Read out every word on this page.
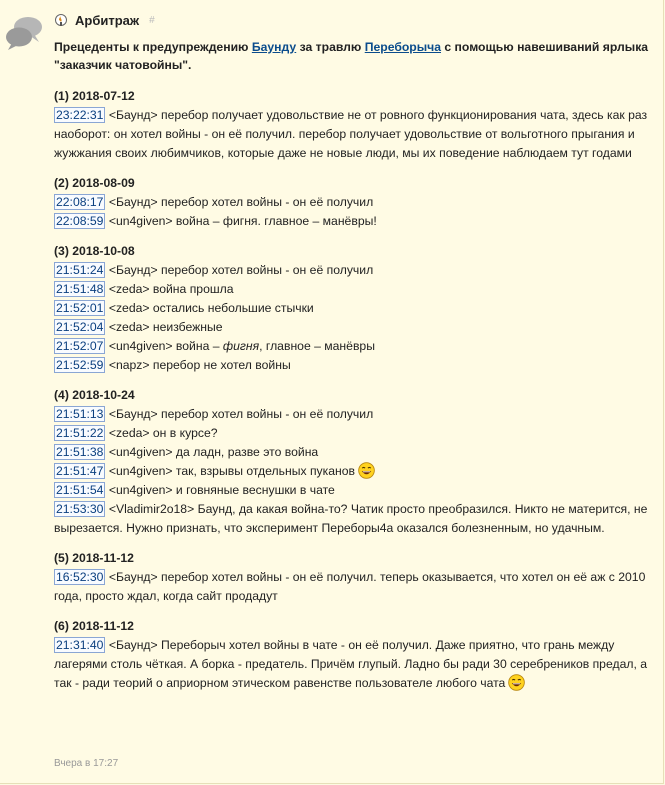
Арбитраж #
Прецеденты к предупреждению Баунду за травлю Переборыча с помощью навешиваний ярлыка "заказчик чатовойны".
(1) 2018-07-12
23:22:31 <Баунд> перебор получает удовольствие не от ровного функционирования чата, здесь как раз наоборот: он хотел войны - он её получил. перебор получает удовольствие от вольготного прыгания и жужжания своих любимчиков, которые даже не новые люди, мы их поведение наблюдаем тут годами
(2) 2018-08-09
22:08:17 <Баунд> перебор хотел войны - он её получил
22:08:59 <un4given> война – фигня. главное – манёвры!
(3) 2018-10-08
21:51:24 <Баунд> перебор хотел войны - он её получил
21:51:48 <zeda> война прошла
21:52:01 <zeda> остались небольшие стычки
21:52:04 <zeda> неизбежные
21:52:07 <un4given> война – фигня, главное – манёвры
21:52:59 <napz> перебор не хотел войны
(4) 2018-10-24
21:51:13 <Баунд> перебор хотел войны - он её получил
21:51:22 <zeda> он в курсе?
21:51:38 <un4given> да ладн, разве это война
21:51:47 <un4given> так, взрывы отдельных пуканов
21:51:54 <un4given> и говняные веснушки в чате
21:53:30 <Vladimir2o18> Баунд, да какая война-то? Чатик просто преобразился. Никто не матерится, не вырезается. Нужно признать, что эксперимент Переборы4а оказался болезненным, но удачным.
(5) 2018-11-12
16:52:30 <Баунд> перебор хотел войны - он её получил. теперь оказывается, что хотел он её аж с 2010 года, просто ждал, когда сайт продадут
(6) 2018-11-12
21:31:40 <Баунд> Переборыч хотел войны в чате - он её получил. Даже приятно, что грань между лагерями столь чёткая. А борка - предатель. Причём глупый. Ладно бы ради 30 серебреников предал, а так - ради теорий о априорном этическом равенстве пользователе любого чата
Вчера в 17:27
